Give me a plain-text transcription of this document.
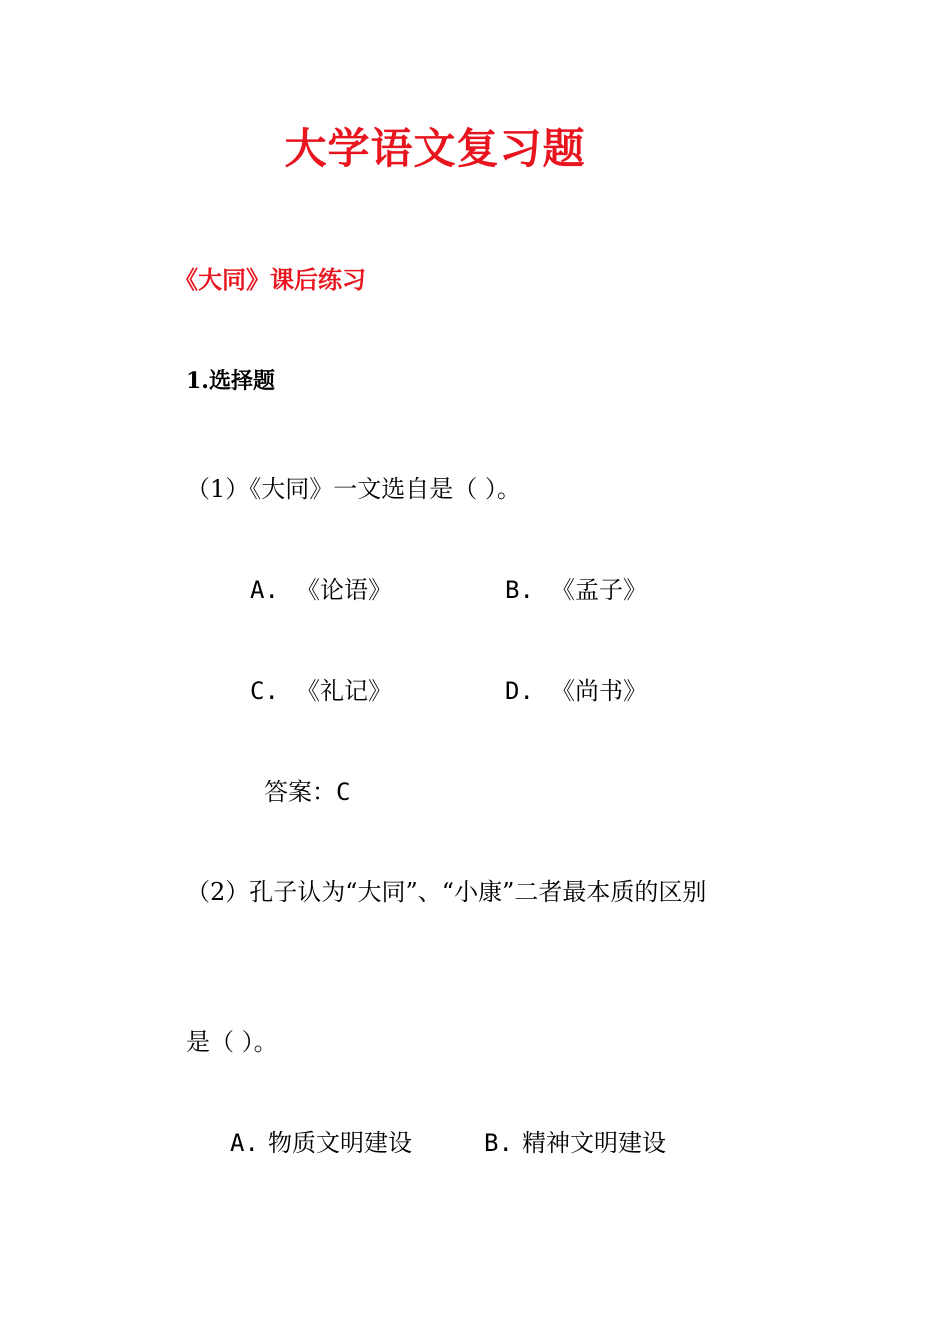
大学语文复习题
《大同》课后练习
1.选择题
（1）《大同》一文选自是（ ）。
A. 《论语》	B. 《孟子》
C. 《礼记》	D. 《尚书》
答案：C
（2）孔子认为“大同”、“小康”二者最本质的区别
是（ ）。
A. 物质文明建设	B. 精神文明建设
